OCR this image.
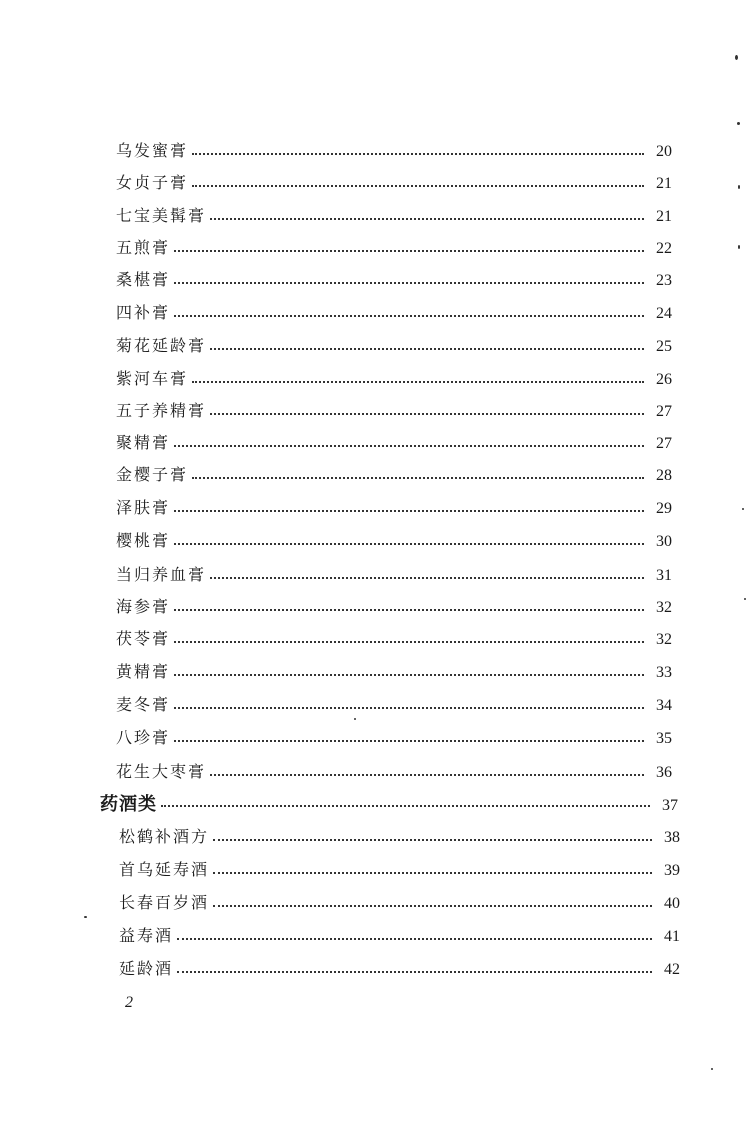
乌发蜜膏	20
女贞子膏	21
七宝美髯膏	21
五煎膏	22
桑椹膏	23
四补膏	24
菊花延龄膏	25
紫河车膏	26
五子养精膏	27
聚精膏	27
金樱子膏	28
泽肤膏	29
樱桃膏	30
当归养血膏	31
海参膏	32
茯苓膏	32
黄精膏	33
麦冬膏	34
八珍膏	35
花生大枣膏	36
药酒类	37
松鹤补酒方	38
首乌延寿酒	39
长春百岁酒	40
益寿酒	41
延龄酒	42
2
